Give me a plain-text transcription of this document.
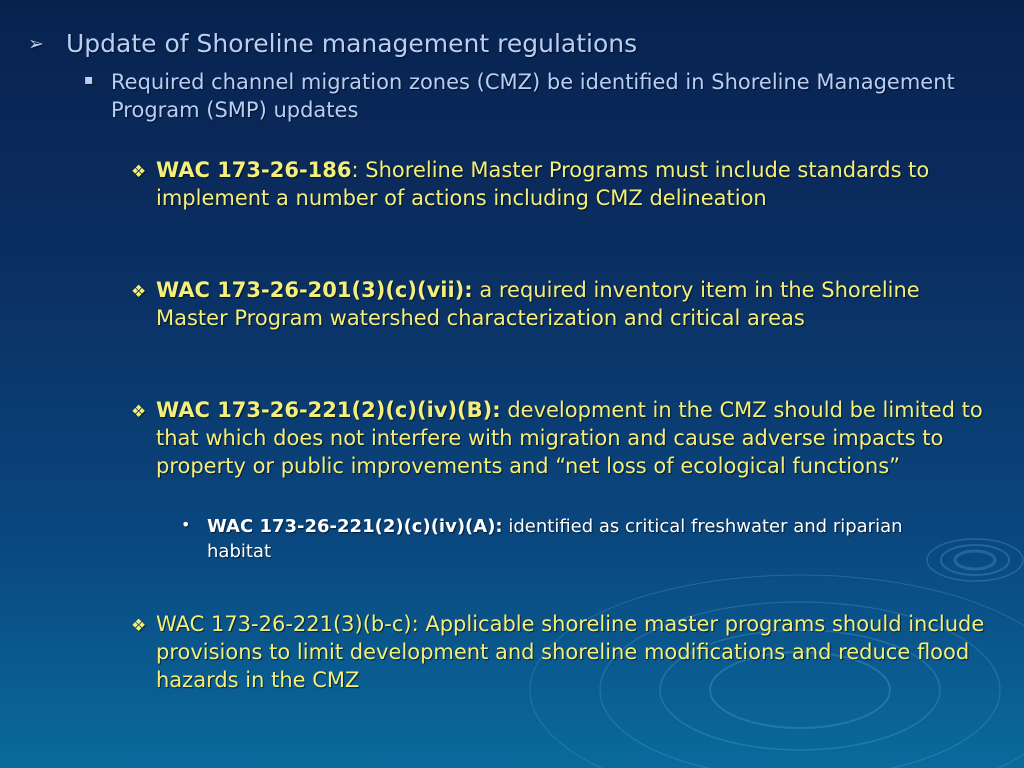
➢ Update of Shoreline management regulations

▪ Required channel migration zones (CMZ) be identified in Shoreline Management Program (SMP) updates

❖ WAC 173-26-186: Shoreline Master Programs must include standards to implement a number of actions including CMZ delineation

❖ WAC 173-26-201(3)(c)(vii): a required inventory item in the Shoreline Master Program watershed characterization and critical areas

❖ WAC 173-26-221(2)(c)(iv)(B): development in the CMZ should be limited to that which does not interfere with migration and cause adverse impacts to property or public improvements and “net loss of ecological functions”

• WAC 173-26-221(2)(c)(iv)(A): identified as critical freshwater and riparian habitat

❖ WAC 173-26-221(3)(b-c): Applicable shoreline master programs should include provisions to limit development and shoreline modifications and reduce flood hazards in the CMZ
